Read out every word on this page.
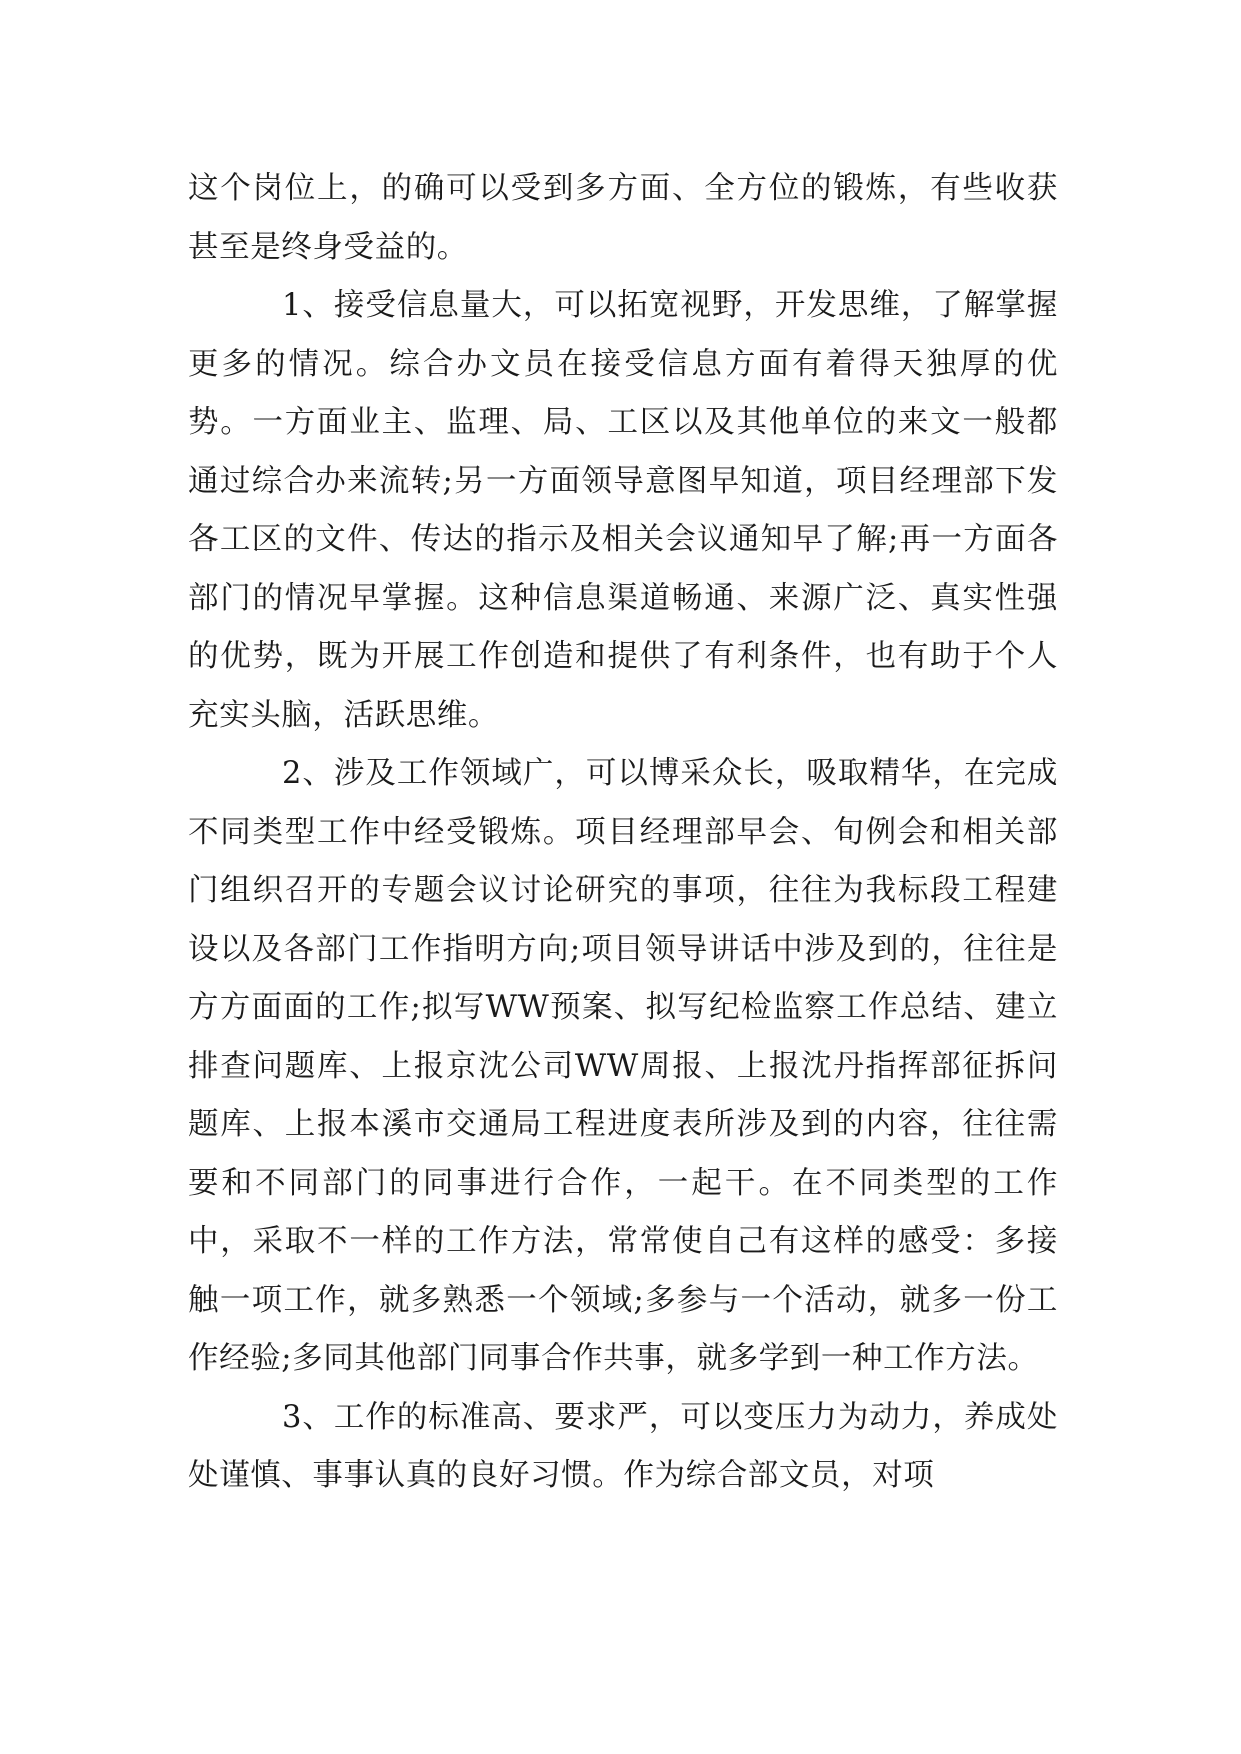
这个岗位上，的确可以受到多方面、全方位的锻炼，有些收获甚至是终身受益的。

1、接受信息量大，可以拓宽视野，开发思维，了解掌握更多的情况。综合办文员在接受信息方面有着得天独厚的优势。一方面业主、监理、局、工区以及其他单位的来文一般都通过综合办来流转;另一方面领导意图早知道，项目经理部下发各工区的文件、传达的指示及相关会议通知早了解;再一方面各部门的情况早掌握。这种信息渠道畅通、来源广泛、真实性强的优势，既为开展工作创造和提供了有利条件，也有助于个人充实头脑，活跃思维。

2、涉及工作领域广，可以博采众长，吸取精华，在完成不同类型工作中经受锻炼。项目经理部早会、旬例会和相关部门组织召开的专题会议讨论研究的事项，往往为我标段工程建设以及各部门工作指明方向;项目领导讲话中涉及到的，往往是方方面面的工作;拟写WW预案、拟写纪检监察工作总结、建立排查问题库、上报京沈公司WW周报、上报沈丹指挥部征拆问题库、上报本溪市交通局工程进度表所涉及到的内容，往往需要和不同部门的同事进行合作，一起干。在不同类型的工作中，采取不一样的工作方法，常常使自己有这样的感受：多接触一项工作，就多熟悉一个领域;多参与一个活动，就多一份工作经验;多同其他部门同事合作共事，就多学到一种工作方法。

3、工作的标准高、要求严，可以变压力为动力，养成处处谨慎、事事认真的良好习惯。作为综合部文员，对项
